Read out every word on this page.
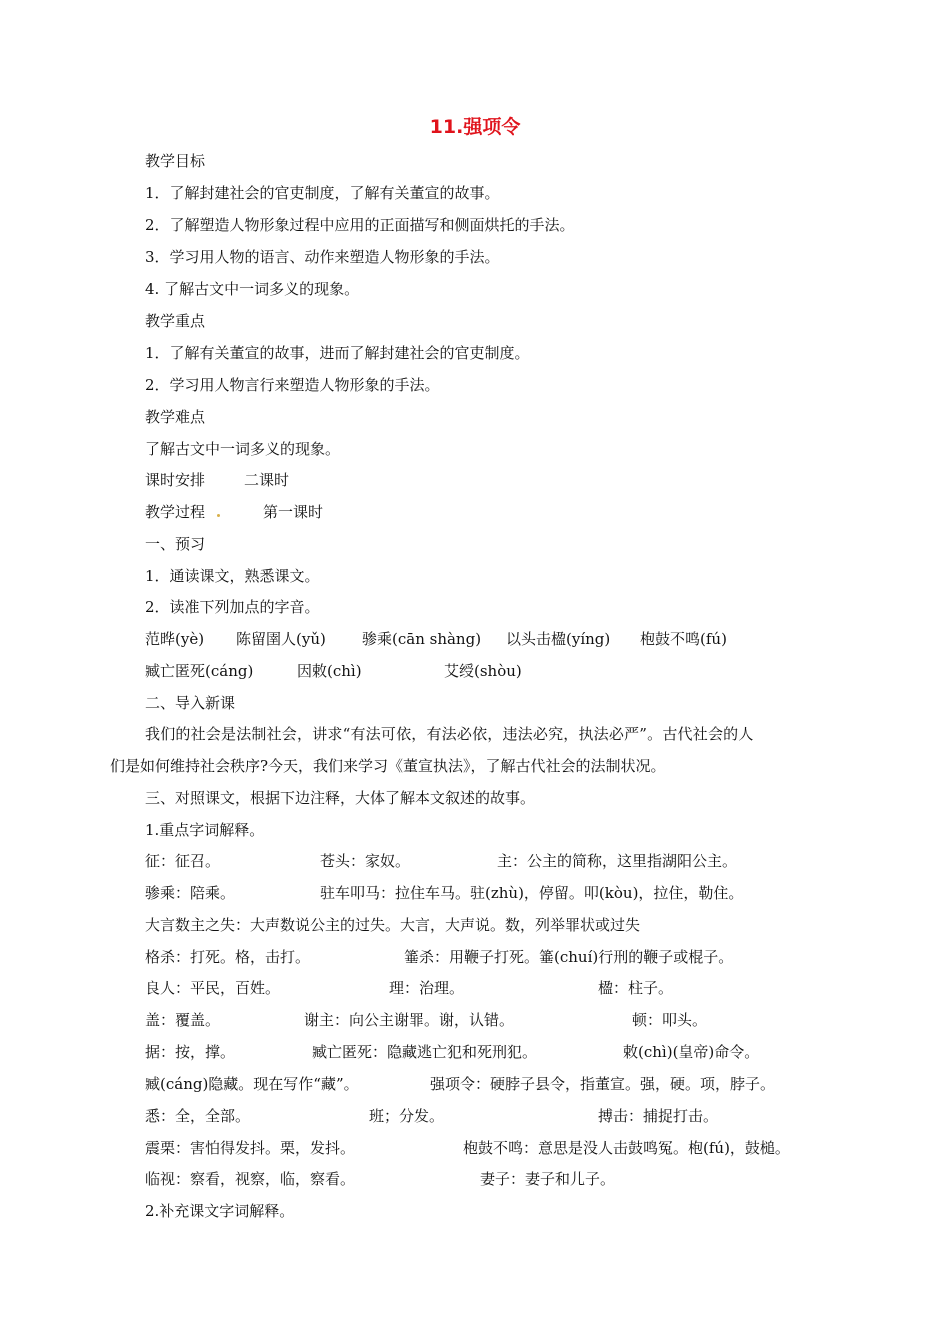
11.强项令
教学目标
1．了解封建社会的官吏制度，了解有关董宣的故事。
2．了解塑造人物形象过程中应用的正面描写和侧面烘托的手法。
3．学习用人物的语言、动作来塑造人物形象的手法。
4. 了解古文中一词多义的现象。
教学重点
1．了解有关董宣的故事，进而了解封建社会的官吏制度。
2．学习用人物言行来塑造人物形象的手法。
教学难点
了解古文中一词多义的现象。
课时安排	二课时
教学过程	第一课时
一、预习
1．通读课文，熟悉课文。
2．读准下列加点的字音。
范晔(yè) 陈留圉人(yǔ) 骖乘(cān shàng) 以头击楹(yíng) 枹鼓不鸣(fú)
臧亡匿死(cáng)	因敕(chì)	艾绶(shòu)
二、导入新课
我们的社会是法制社会，讲求“有法可依，有法必依，违法必究，执法必严”。古代社会的人
们是如何维持社会秩序?今天，我们来学习《董宣执法》，了解古代社会的法制状况。
三、对照课文，根据下边注释，大体了解本文叙述的故事。
1.重点字词解释。
征：征召。	苍头：家奴。	主：公主的简称，这里指湖阳公主。
骖乘：陪乘。	驻车叩马：拉住车马。驻(zhù)，停留。叩(kòu)，拉住，勒住。
大言数主之失：大声数说公主的过失。大言，大声说。数，列举罪状或过失
格杀：打死。格，击打。	箠杀：用鞭子打死。箠(chuí)行刑的鞭子或棍子。
良人：平民，百姓。	理：治理。	楹：柱子。
盖：覆盖。	谢主：向公主谢罪。谢，认错。	顿：叩头。
据：按，撑。	臧亡匿死：隐藏逃亡犯和死刑犯。	敕(chì)(皇帝)命令。
臧(cáng)隐藏。现在写作“藏”。	强项令：硬脖子县令，指董宣。强，硬。项，脖子。
悉：全，全部。	班；分发。	搏击：捕捉打击。
震栗：害怕得发抖。栗，发抖。	枹鼓不鸣：意思是没人击鼓鸣冤。枹(fú)，鼓槌。
临视：察看，视察，临，察看。	妻子：妻子和儿子。
2.补充课文字词解释。
